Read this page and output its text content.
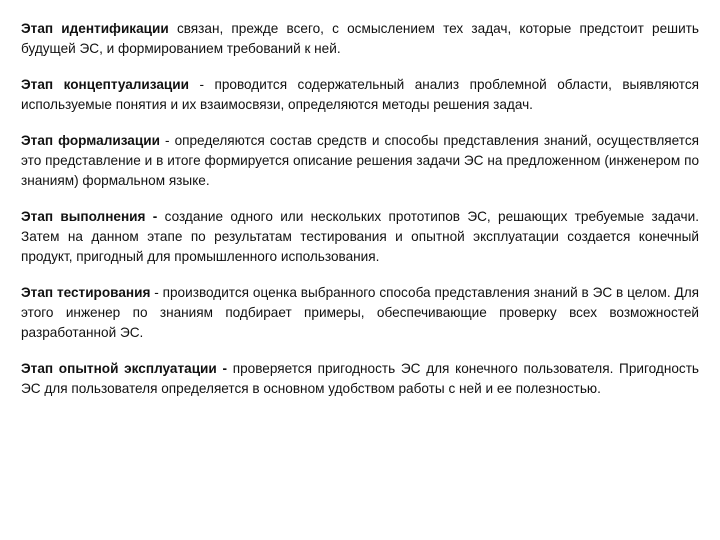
Этап идентификации связан, прежде всего, с осмыслением тех задач, которые предстоит решить будущей ЭС, и формированием требований к ней.

Этап концептуализации - проводится содержательный анализ проблемной области, выявляются используемые понятия и их взаимосвязи, определяются методы решения задач.

Этап формализации - определяются состав средств и способы представления знаний, осуществляется это представление и в итоге формируется описание решения задачи ЭС на предложенном (инженером по знаниям) формальном языке.

Этап выполнения - создание одного или нескольких прототипов ЭС, решающих требуемые задачи. Затем на данном этапе по результатам тестирования и опытной эксплуатации создается конечный продукт, пригодный для промышленного использования.

Этап тестирования - производится оценка выбранного способа представления знаний в ЭС в целом. Для этого инженер по знаниям подбирает примеры, обеспечивающие проверку всех возможностей разработанной ЭС.

Этап опытной эксплуатации - проверяется пригодность ЭС для конечного пользователя. Пригодность ЭС для пользователя определяется в основном удобством работы с ней и ее полезностью.
